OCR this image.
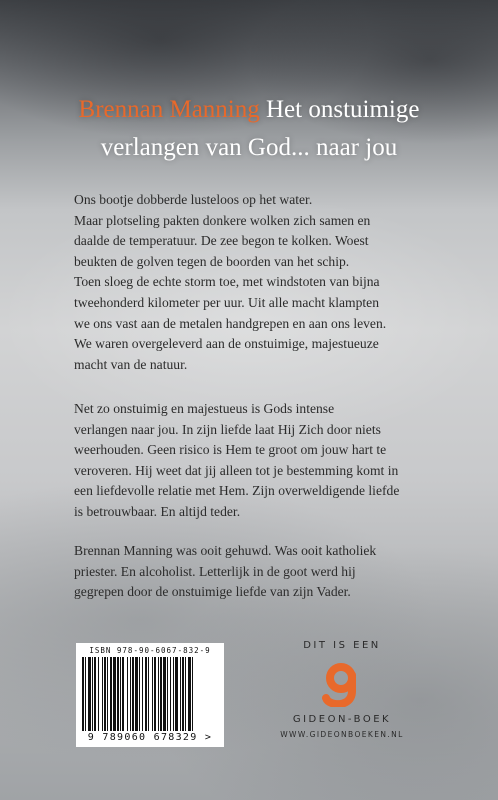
Brennan Manning Het onstuimige

verlangen van God... naar jou

Ons bootje dobberde lusteloos op het water.
Maar plotseling pakten donkere wolken zich samen en
daalde de temperatuur. De zee begon te kolken. Woest
beukten de golven tegen de boorden van het schip.
Toen sloeg de echte storm toe, met windstoten van bijna
tweehonderd kilometer per uur. Uit alle macht klampten
we ons vast aan de metalen handgrepen en aan ons leven.
We waren overgeleverd aan de onstuimige, majestueuze
macht van de natuur.
Net zo onstuimig en majestueus is Gods intense
verlangen naar jou. In zijn liefde laat Hij Zich door niets
weerhouden. Geen risico is Hem te groot om jouw hart te
veroveren. Hij weet dat jij alleen tot je bestemming komt in
een liefdevolle relatie met Hem. Zijn overweldigende liefde
is betrouwbaar. En altijd teder.
Brennan Manning was ooit gehuwd. Was ooit katholiek
priester. En alcoholist. Letterlijk in de goot werd hij
gegrepen door de onstuimige liefde van zijn Vader.
ISBN 978-90-6067-832-9
9 789060 678329 >
DIT IS EEN
GIDEON-BOEK
WWW.GIDEONBOEKEN.NL
